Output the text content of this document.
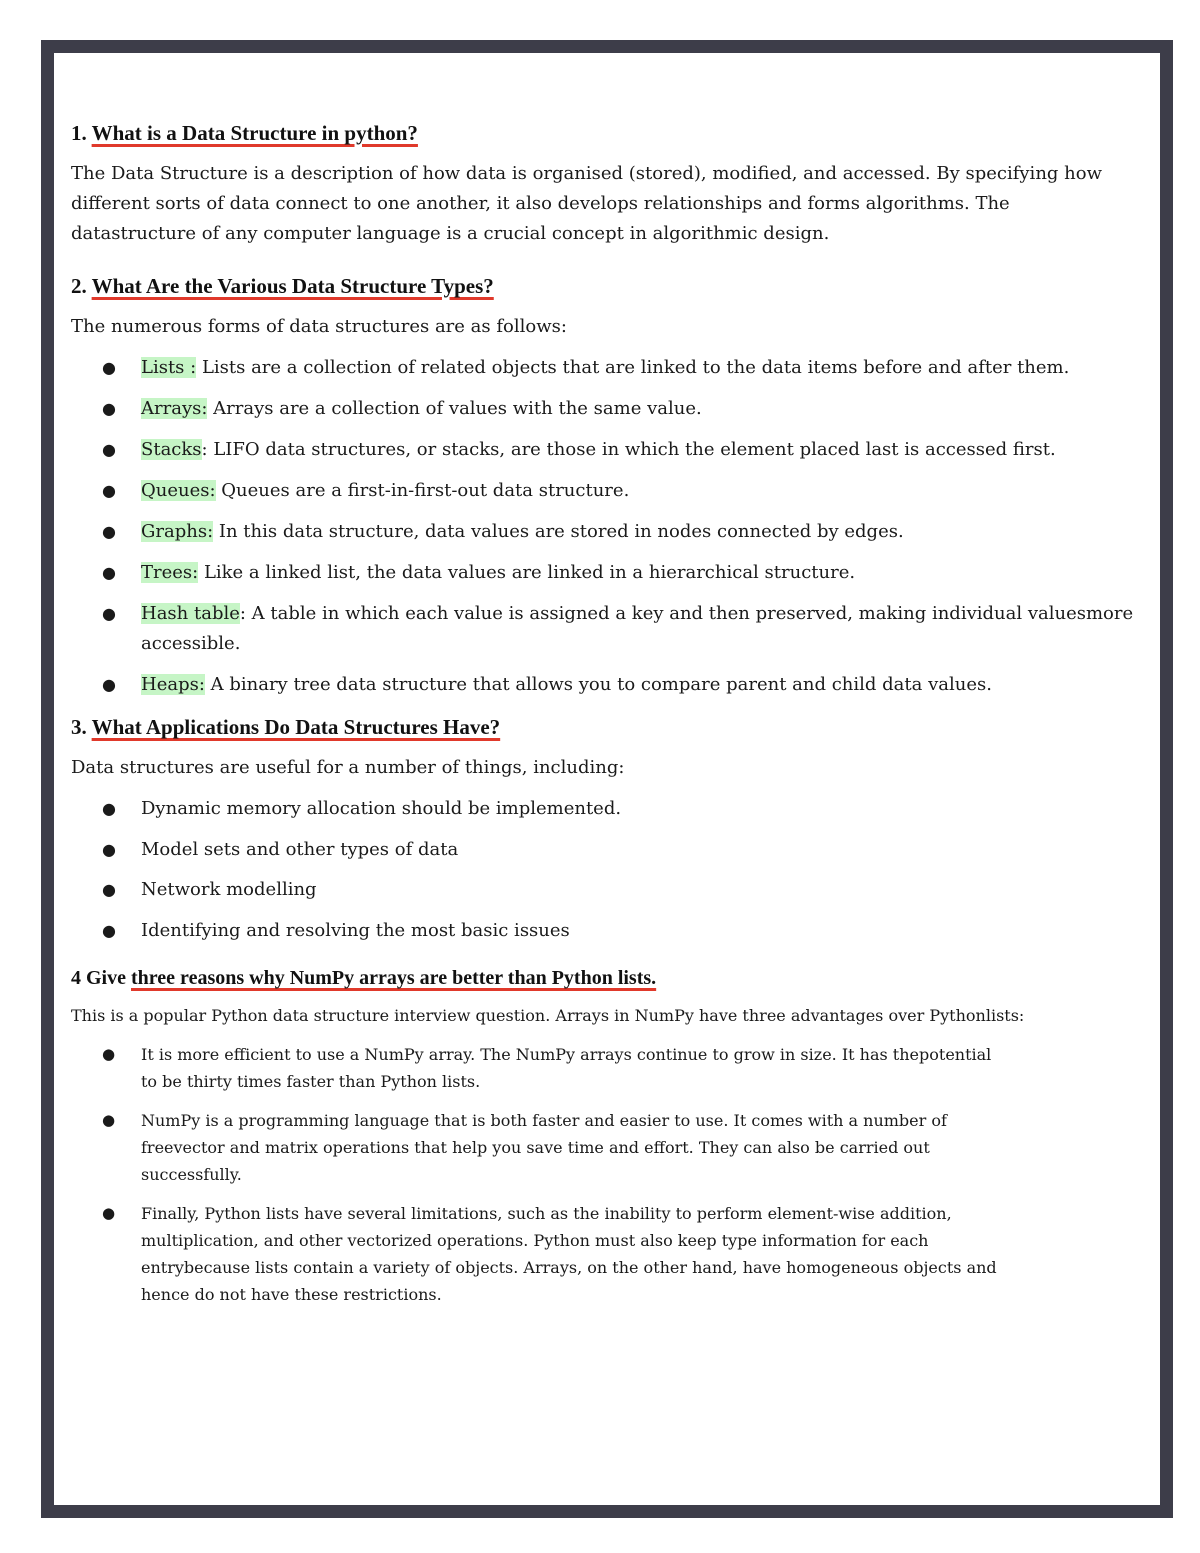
1. What is a Data Structure in python?

The Data Structure is a description of how data is organised (stored), modified, and accessed. By specifying how different sorts of data connect to one another, it also develops relationships and forms algorithms. The datastructure of any computer language is a crucial concept in algorithmic design.

2. What Are the Various Data Structure Types?

The numerous forms of data structures are as follows:

● Lists : Lists are a collection of related objects that are linked to the data items before and after them.
● Arrays: Arrays are a collection of values with the same value.
● Stacks: LIFO data structures, or stacks, are those in which the element placed last is accessed first.
● Queues: Queues are a first-in-first-out data structure.
● Graphs: In this data structure, data values are stored in nodes connected by edges.
● Trees: Like a linked list, the data values are linked in a hierarchical structure.
● Hash table: A table in which each value is assigned a key and then preserved, making individual valuesmore accessible.
● Heaps: A binary tree data structure that allows you to compare parent and child data values.
3. What Applications Do Data Structures Have?

Data structures are useful for a number of things, including:

● Dynamic memory allocation should be implemented.
● Model sets and other types of data
● Network modelling
● Identifying and resolving the most basic issues
4 Give three reasons why NumPy arrays are better than Python lists.

This is a popular Python data structure interview question. Arrays in NumPy have three advantages over Pythonlists:

● It is more efficient to use a NumPy array. The NumPy arrays continue to grow in size. It has thepotential to be thirty times faster than Python lists.
● NumPy is a programming language that is both faster and easier to use. It comes with a number of freevector and matrix operations that help you save time and effort. They can also be carried out successfully.
● Finally, Python lists have several limitations, such as the inability to perform element-wise addition, multiplication, and other vectorized operations. Python must also keep type information for each entrybecause lists contain a variety of objects. Arrays, on the other hand, have homogeneous objects and hence do not have these restrictions.
